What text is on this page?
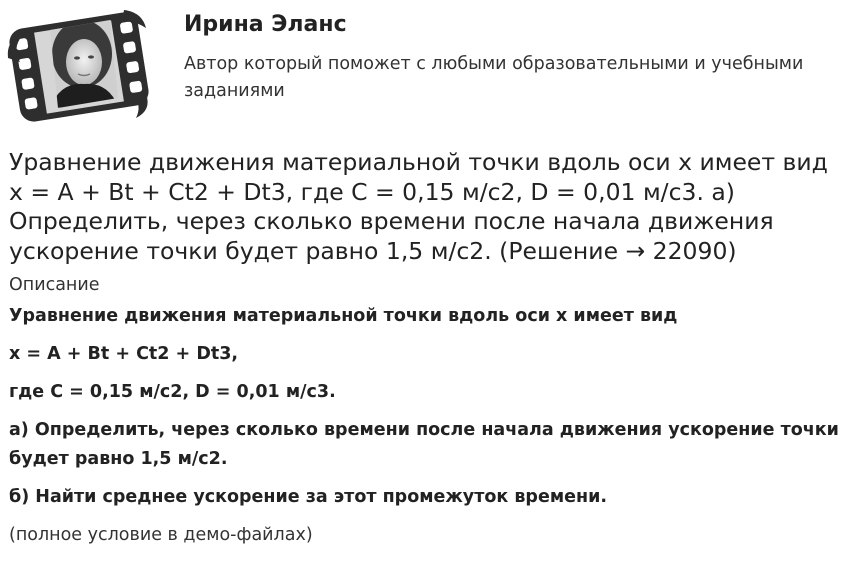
Ирина Эланс
Автор который поможет с любыми образовательными и учебными заданиями
Уравнение движения материальной точки вдоль оси x имеет вид x = A + Bt + Ct2 + Dt3, где C = 0,15 м/с2, D = 0,01 м/с3. а) Определить, через сколько времени после начала движения ускорение точки будет равно 1,5 м/с2. (Решение → 22090)
Описание

Уравнение движения материальной точки вдоль оси x имеет вид

x = A + Bt + Ct2 + Dt3,

где C = 0,15 м/с2, D = 0,01 м/с3.

а) Определить, через сколько времени после начала движения ускорение точки будет равно 1,5 м/с2.

б) Найти среднее ускорение за этот промежуток времени.

(полное условие в демо-файлах)
